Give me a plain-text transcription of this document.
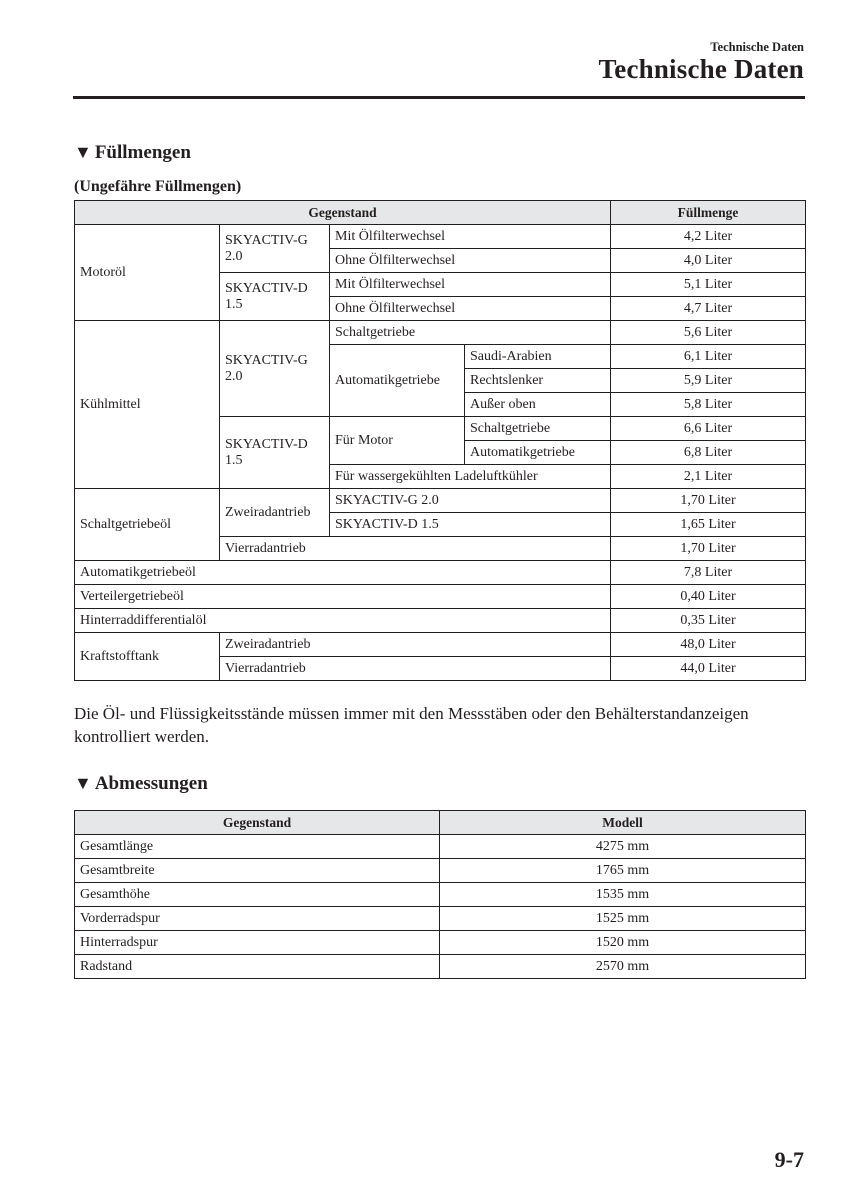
Technische Daten
Technische Daten
▼ Füllmengen
(Ungefähre Füllmengen)
Gegenstand				Füllmenge
Motoröl	SKYACTIV-G 2.0	Mit Ölfilterwechsel		4,2 Liter
		Ohne Ölfilterwechsel		4,0 Liter
	SKYACTIV-D 1.5	Mit Ölfilterwechsel		5,1 Liter
		Ohne Ölfilterwechsel		4,7 Liter
Kühlmittel	SKYACTIV-G 2.0	Schaltgetriebe		5,6 Liter
		Automatikgetriebe	Saudi-Arabien	6,1 Liter
			Rechtslenker	5,9 Liter
			Außer oben	5,8 Liter
	SKYACTIV-D 1.5	Für Motor	Schaltgetriebe	6,6 Liter
			Automatikgetriebe	6,8 Liter
		Für wassergekühlten Ladeluftkühler		2,1 Liter
Schaltgetriebeöl	Zweiradantrieb	SKYACTIV-G 2.0		1,70 Liter
		SKYACTIV-D 1.5		1,65 Liter
	Vierradantrieb			1,70 Liter
Automatikgetriebeöl				7,8 Liter
Verteilergetriebeöl				0,40 Liter
Hinterraddifferentialöl				0,35 Liter
Kraftstofftank	Zweiradantrieb			48,0 Liter
	Vierradantrieb			44,0 Liter
Die Öl- und Flüssigkeitsstände müssen immer mit den Messstäben oder den Behälterstandanzeigen kontrolliert werden.
▼ Abmessungen
Gegenstand	Modell
Gesamtlänge	4275 mm
Gesamtbreite	1765 mm
Gesamthöhe	1535 mm
Vorderradspur	1525 mm
Hinterradspur	1520 mm
Radstand	2570 mm
9-7
